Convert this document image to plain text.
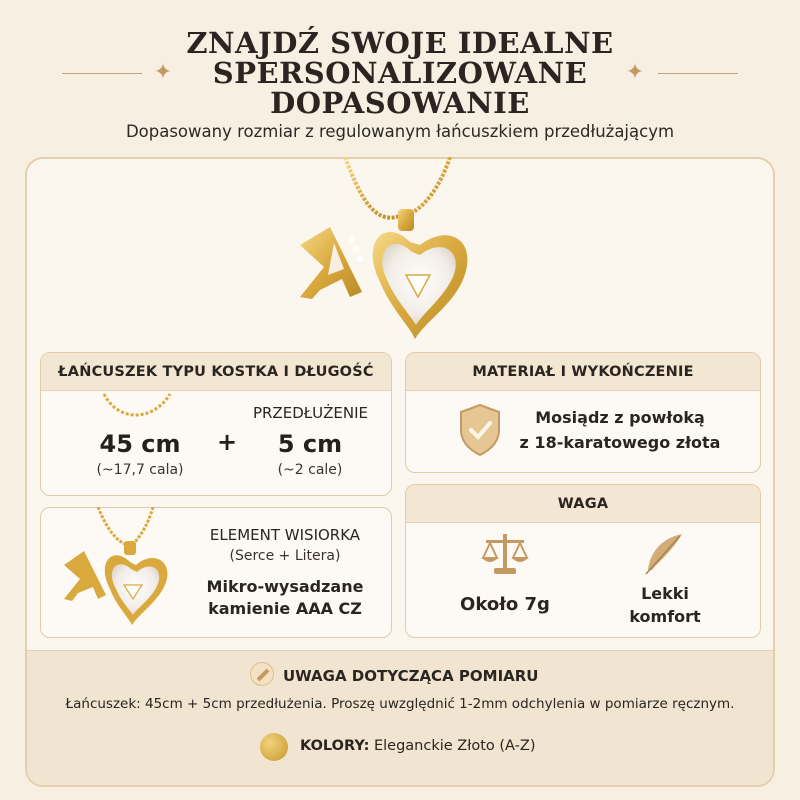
ZNAJDŹ SWOJE IDEALNE
SPERSONALIZOWANE
DOPASOWANIE
✦	✦
Dopasowany rozmiar z regulowanym łańcuszkiem przedłużającym
ŁAŃCUSZEK TYPU KOSTKA I DŁUGOŚĆ
45 cm
(~17,7 cala)
+
PRZEDŁUŻENIE
5 cm
(~2 cale)
MATERIAŁ I WYKOŃCZENIE
Mosiądz z powłoką
z 18-karatowego złota
ELEMENT WISIORKA
(Serce + Litera)
Mikro-wysadzane
kamienie AAA CZ
WAGA
Około 7g
Lekki
komfort
UWAGA DOTYCZĄCA POMIARU
Łańcuszek: 45cm + 5cm przedłużenia. Proszę uwzględnić 1-2mm odchylenia w pomiarze ręcznym.
KOLORY: Eleganckie Złoto (A-Z)
